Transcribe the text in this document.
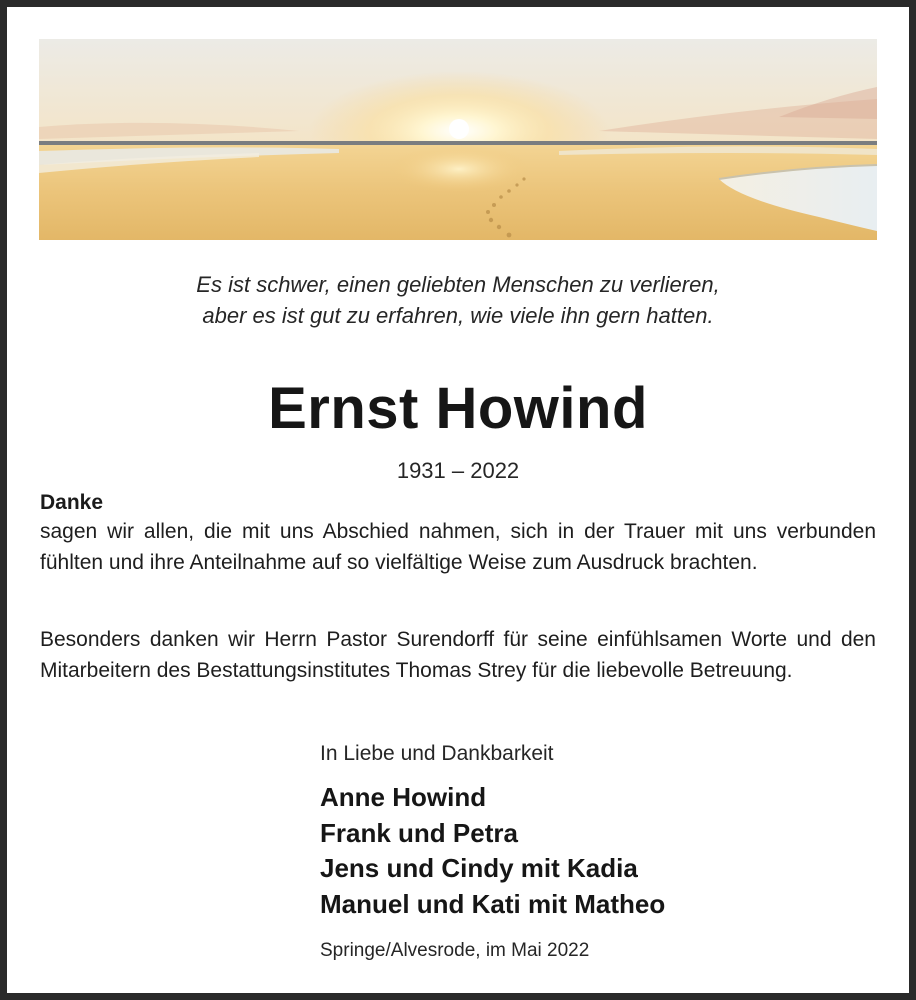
Es ist schwer, einen geliebten Menschen zu verlieren,
aber es ist gut zu erfahren, wie viele ihn gern hatten.
Ernst Howind
1931 – 2022
Danke
sagen wir allen, die mit uns Abschied nahmen, sich in der Trauer mit uns verbunden fühlten und ihre Anteilnahme auf so vielfältige Weise zum Ausdruck brachten.
Besonders danken wir Herrn Pastor Surendorff für seine einfühlsamen Worte und den Mitarbeitern des Bestattungsinstitutes Thomas Strey für die liebevolle Betreuung.
In Liebe und Dankbarkeit
Anne Howind
Frank und Petra
Jens und Cindy mit Kadia
Manuel und Kati mit Matheo
Springe/Alvesrode, im Mai 2022
